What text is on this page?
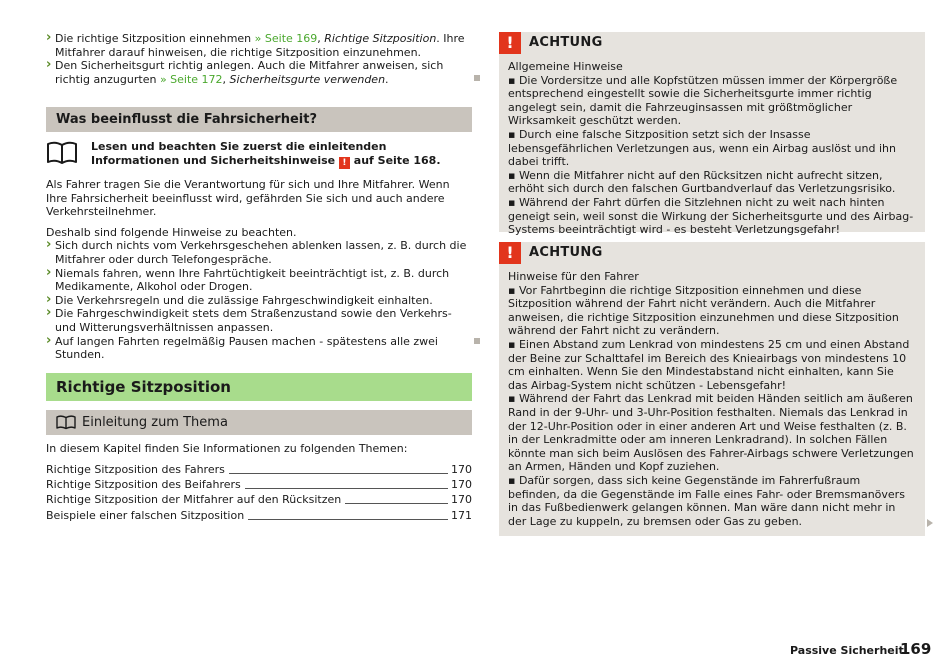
› Die richtige Sitzposition einnehmen » Seite 169, Richtige Sitzposition. Ihre Mitfahrer darauf hinweisen, die richtige Sitzposition einzunehmen.
› Den Sicherheitsgurt richtig anlegen. Auch die Mitfahrer anweisen, sich richtig anzugurten » Seite 172, Sicherheitsgurte verwenden.
Was beeinflusst die Fahrsicherheit?
Lesen und beachten Sie zuerst die einleitenden Informationen und Sicherheitshinweise ! auf Seite 168.

Als Fahrer tragen Sie die Verantwortung für sich und Ihre Mitfahrer. Wenn Ihre Fahrsicherheit beeinflusst wird, gefährden Sie sich und auch andere Verkehrsteilnehmer.

Deshalb sind folgende Hinweise zu beachten.

› Sich durch nichts vom Verkehrsgeschehen ablenken lassen, z. B. durch die Mitfahrer oder durch Telefongespräche.
› Niemals fahren, wenn Ihre Fahrtüchtigkeit beeinträchtigt ist, z. B. durch Medikamente, Alkohol oder Drogen.
› Die Verkehrsregeln und die zulässige Fahrgeschwindigkeit einhalten.
› Die Fahrgeschwindigkeit stets dem Straßenzustand sowie den Verkehrs- und Witterungsverhältnissen anpassen.
› Auf langen Fahrten regelmäßig Pausen machen - spätestens alle zwei Stunden.
Richtige Sitzposition
Einleitung zum Thema

In diesem Kapitel finden Sie Informationen zu folgenden Themen:

Richtige Sitzposition des Fahrers	170
Richtige Sitzposition des Beifahrers	170
Richtige Sitzposition der Mitfahrer auf den Rücksitzen	170
Beispiele einer falschen Sitzposition	171
!	ACHTUNG

Allgemeine Hinweise

▪ Die Vordersitze und alle Kopfstützen müssen immer der Körpergröße entsprechend eingestellt sowie die Sicherheitsgurte immer richtig angelegt sein, damit die Fahrzeuginsassen mit größtmöglicher Wirksamkeit geschützt werden.

▪ Durch eine falsche Sitzposition setzt sich der Insasse lebensgefährlichen Verletzungen aus, wenn ein Airbag auslöst und ihn dabei trifft.

▪ Wenn die Mitfahrer nicht auf den Rücksitzen nicht aufrecht sitzen, erhöht sich durch den falschen Gurtbandverlauf das Verletzungsrisiko.

▪ Während der Fahrt dürfen die Sitzlehnen nicht zu weit nach hinten geneigt sein, weil sonst die Wirkung der Sicherheitsgurte und des Airbag-Systems beeinträchtigt wird - es besteht Verletzungsgefahr!

!	ACHTUNG

Hinweise für den Fahrer

▪ Vor Fahrtbeginn die richtige Sitzposition einnehmen und diese Sitzposition während der Fahrt nicht verändern. Auch die Mitfahrer anweisen, die richtige Sitzposition einzunehmen und diese Sitzposition während der Fahrt nicht zu verändern.

▪ Einen Abstand zum Lenkrad von mindestens 25 cm und einen Abstand der Beine zur Schalttafel im Bereich des Knieairbags von mindestens 10 cm einhalten. Wenn Sie den Mindestabstand nicht einhalten, kann Sie das Airbag-System nicht schützen - Lebensgefahr!

▪ Während der Fahrt das Lenkrad mit beiden Händen seitlich am äußeren Rand in der 9-Uhr- und 3-Uhr-Position festhalten. Niemals das Lenkrad in der 12-Uhr-Position oder in einer anderen Art und Weise festhalten (z. B. in der Lenkradmitte oder am inneren Lenkradrand). In solchen Fällen könnte man sich beim Auslösen des Fahrer-Airbags schwere Verletzungen an Armen, Händen und Kopf zuziehen.

▪ Dafür sorgen, dass sich keine Gegenstände im Fahrerfußraum befinden, da die Gegenstände im Falle eines Fahr- oder Bremsmanövers in das Fußbedienwerk gelangen können. Man wäre dann nicht mehr in der Lage zu kuppeln, zu bremsen oder Gas zu geben.

Passive Sicherheit
169
